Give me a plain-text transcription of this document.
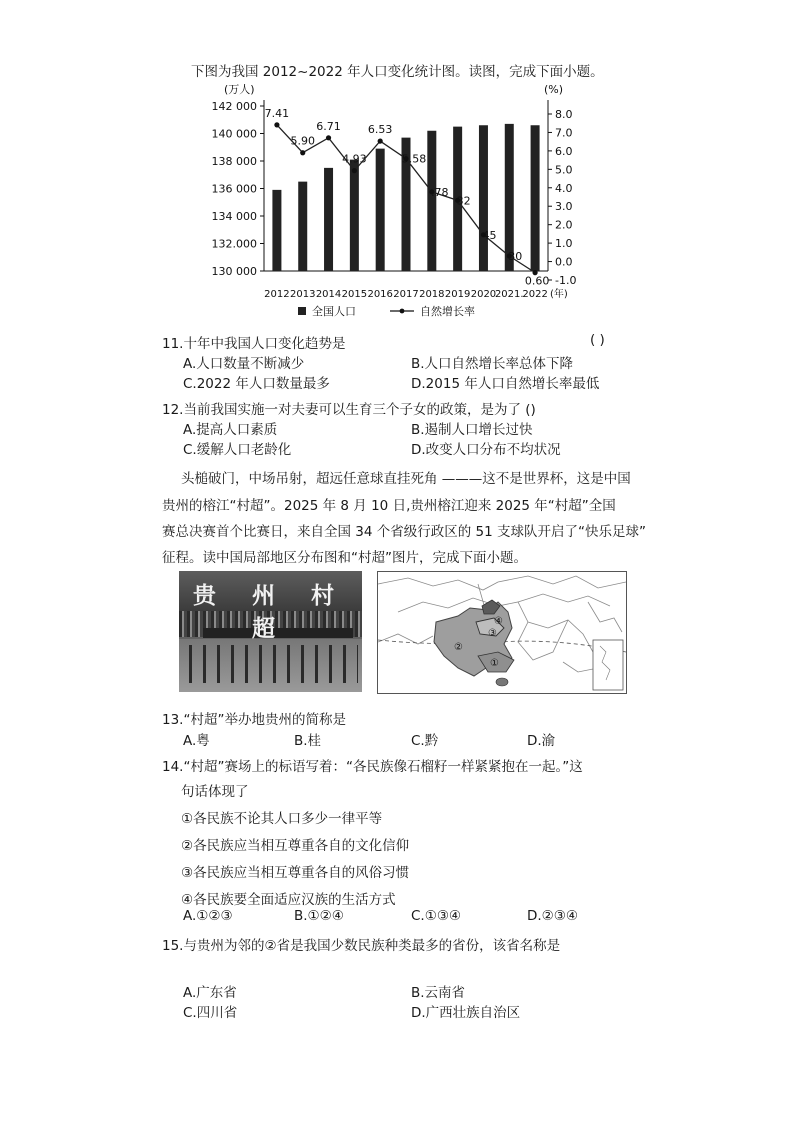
下图为我国 2012~2022 年人口变化统计图。读图，完成下面小题。
142 000
140 000
138 000
136 000
134 000
132.000
130 000
(万人)
8.0
7.0
6.0
5.0
4.0
3.0
2.0
1.0
0.0
-1.0
(%)
2012 2013 2014 2015 2016 2017 2018 2019 2020
2021.
2022 (年)
7.41
5.90
6.71
4.93
6.53
5.58
.78
32
45
30
0.60
全国人口	自然增长率
11.十年中我国人口变化趋势是	( )
A.人口数量不断减少	B.人口自然增长率总体下降
C.2022 年人口数量最多	D.2015 年人口自然增长率最低
12.当前我国实施一对夫妻可以生育三个子女的政策，是为了 ()
A.提高人口素质	B.遏制人口增长过快
C.缓解人口老龄化	D.改变人口分布不均状况
头槌破门，中场吊射，超远任意球直挂死角 ———这不是世界杯，这是中国
贵州的榕江“村超”。2025 年 8 月 10 日,贵州榕江迎来 2025 年“村超”全国
赛总决赛首个比赛日，来自全国 34 个省级行政区的 51 支球队开启了“快乐足球”
征程。读中国局部地区分布图和“村超”图片，完成下面小题。
贵 州 村 超	④
③
②
①
13.“村超”举办地贵州的简称是
A.粤	B.桂	C.黔	D.渝
14.“村超”赛场上的标语写着：“各民族像石榴籽一样紧紧抱在一起。”这
句话体现了
①各民族不论其人口多少一律平等
②各民族应当相互尊重各自的文化信仰
③各民族应当相互尊重各自的风俗习惯
④各民族要全面适应汉族的生活方式
A.①②③	B.①②④	C.①③④	D.②③④
15.与贵州为邻的②省是我国少数民族种类最多的省份，该省名称是
A.广东省	B.云南省
C.四川省	D.广西壮族自治区
